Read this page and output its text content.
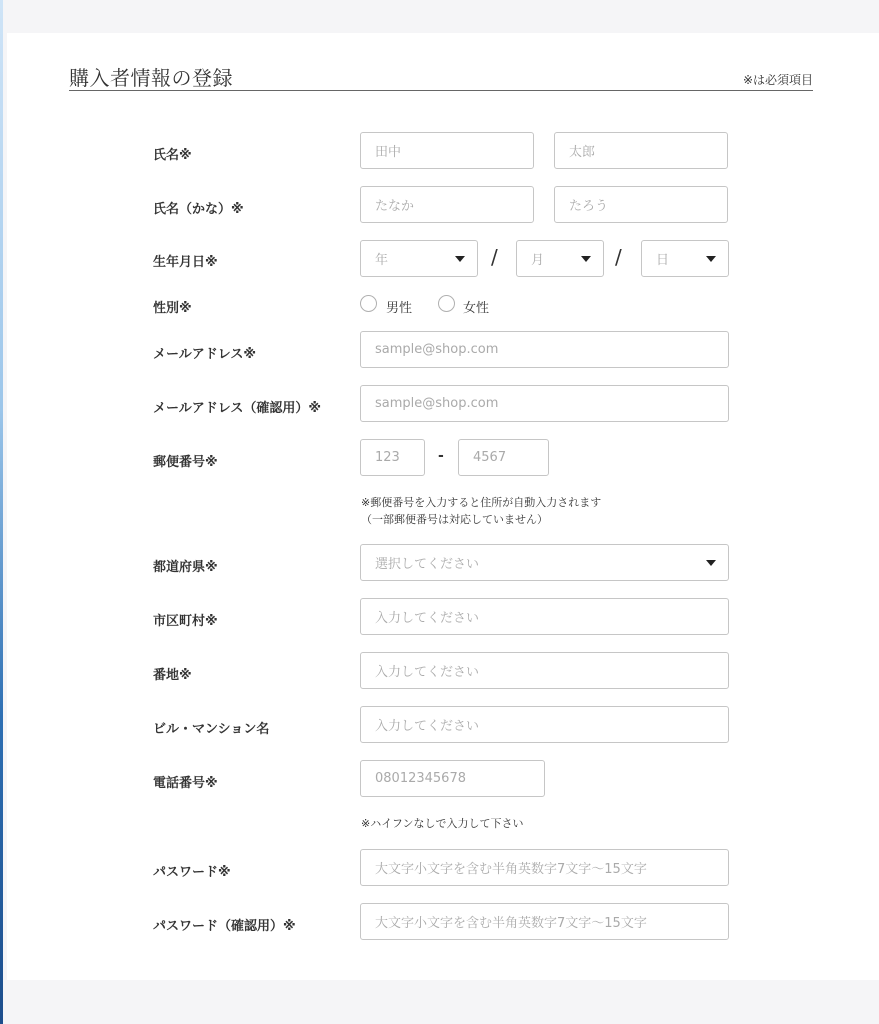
購入者情報の登録	※は必須項目
氏名※	田中	太郎
氏名（かな）※	たなか	たろう
生年月日※	年	/	月	/	日
性別※	男性	女性
メールアドレス※	sample@shop.com
メールアドレス（確認用）※	sample@shop.com
郵便番号※	123	-	4567
※郵便番号を入力すると住所が自動入力されます
（一部郵便番号は対応していません）
都道府県※	選択してください
市区町村※	入力してください
番地※	入力してください
ビル・マンション名	入力してください
電話番号※	08012345678
※ハイフンなしで入力して下さい
パスワード※	大文字小文字を含む半角英数字7文字～15文字
パスワード（確認用）※	大文字小文字を含む半角英数字7文字～15文字
